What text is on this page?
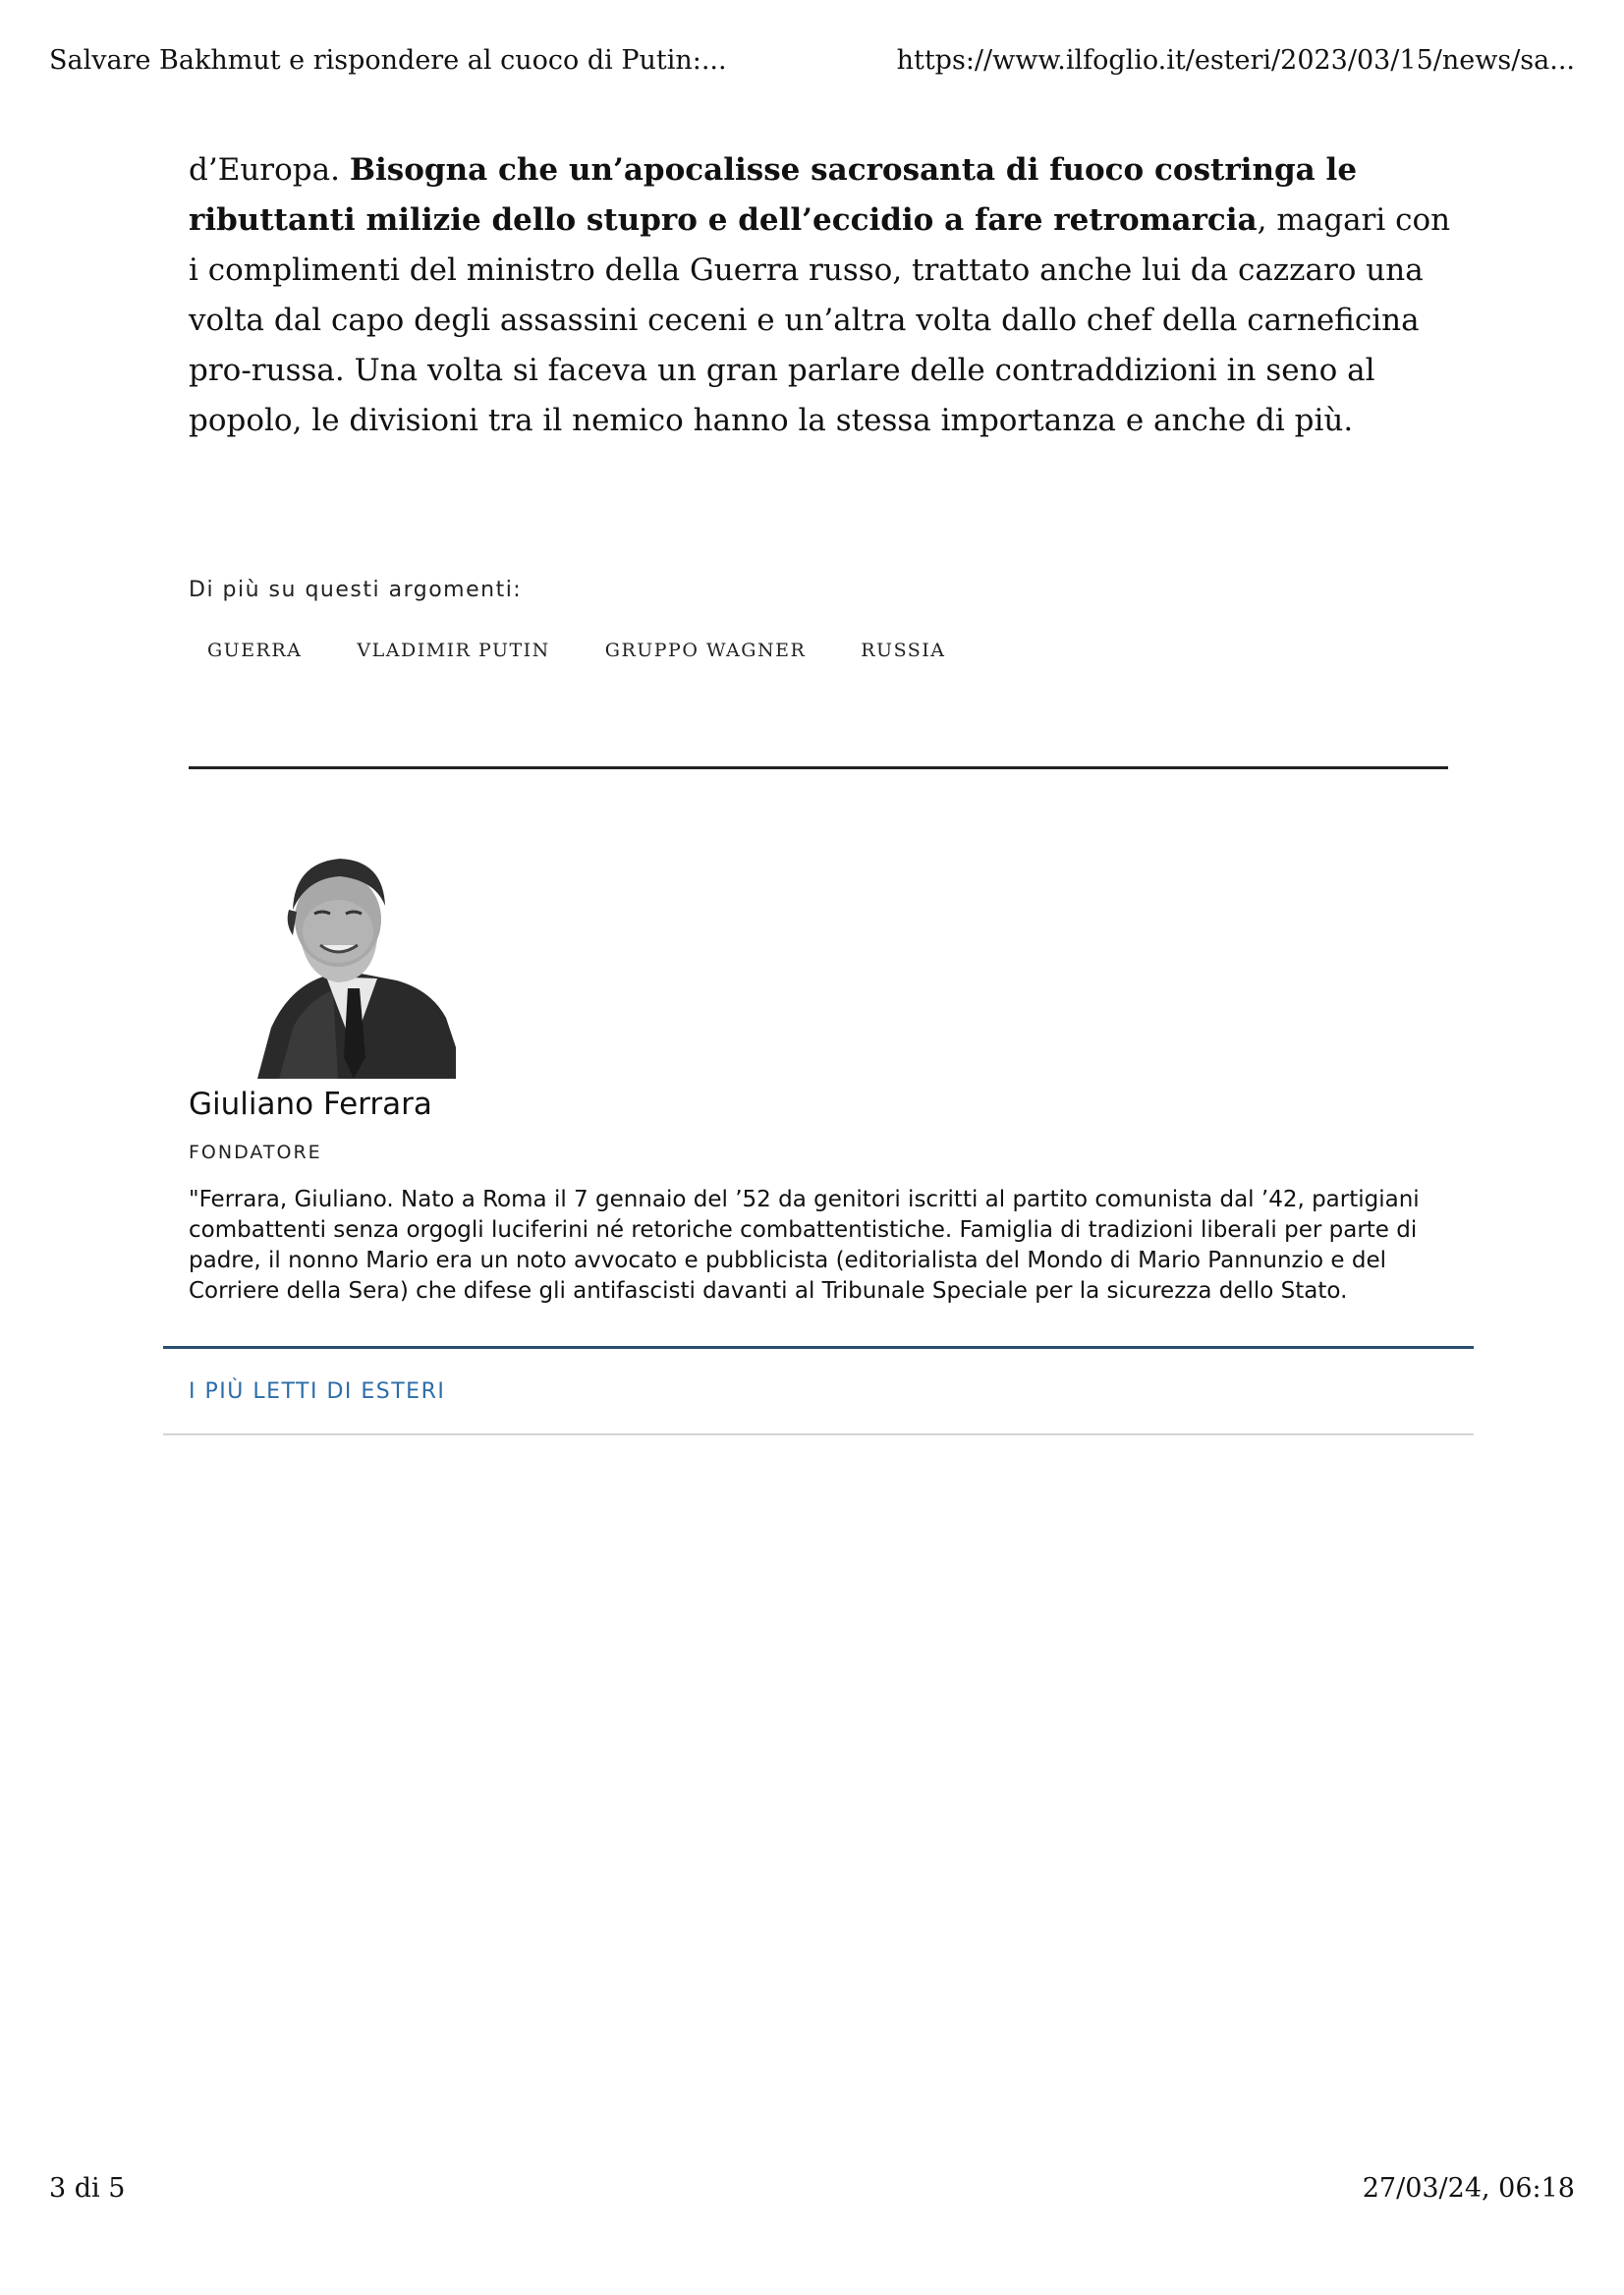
Salvare Bakhmut e rispondere al cuoco di Putin:...	https://www.ilfoglio.it/esteri/2023/03/15/news/sa...
d’Europa. Bisogna che un’apocalisse sacrosanta di fuoco costringa le ributtanti milizie dello stupro e dell’eccidio a fare retromarcia, magari con i complimenti del ministro della Guerra russo, trattato anche lui da cazzaro una volta dal capo degli assassini ceceni e un’altra volta dallo chef della carneficina pro-russa. Una volta si faceva un gran parlare delle contraddizioni in seno al popolo, le divisioni tra il nemico hanno la stessa importanza e anche di più.
Di più su questi argomenti:
GUERRA	VLADIMIR PUTIN	GRUPPO WAGNER	RUSSIA
Giuliano Ferrara
FONDATORE
"Ferrara, Giuliano. Nato a Roma il 7 gennaio del ’52 da genitori iscritti al partito comunista dal ’42, partigiani combattenti senza orgogli luciferini né retoriche combattentistiche. Famiglia di tradizioni liberali per parte di padre, il nonno Mario era un noto avvocato e pubblicista (editorialista del Mondo di Mario Pannunzio e del Corriere della Sera) che difese gli antifascisti davanti al Tribunale Speciale per la sicurezza dello Stato.
I PIÙ LETTI DI ESTERI
3 di 5	27/03/24, 06:18
